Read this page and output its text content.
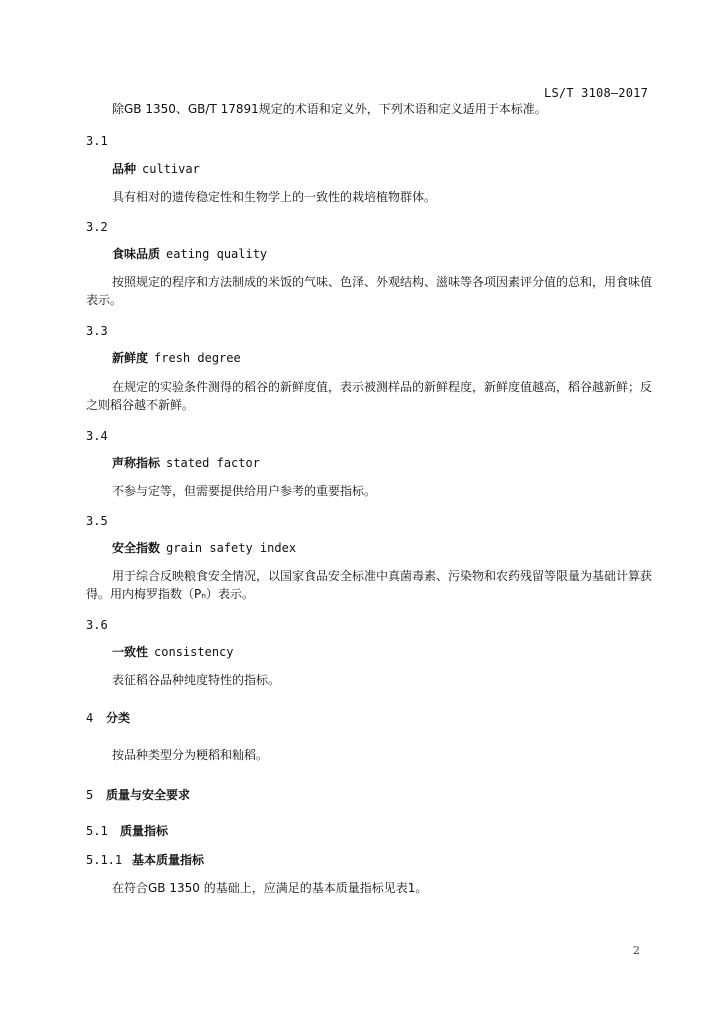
LS/T 3108—2017

除GB 1350、GB/T 17891规定的术语和定义外，下列术语和定义适用于本标准。

3.1
品种 cultivar

具有相对的遗传稳定性和生物学上的一致性的栽培植物群体。

3.2
食味品质 eating quality

按照规定的程序和方法制成的米饭的气味、色泽、外观结构、滋味等各项因素评分值的总和，用食味值表示。

3.3
新鲜度 fresh degree

在规定的实验条件测得的稻谷的新鲜度值，表示被测样品的新鲜程度，新鲜度值越高，稻谷越新鲜；反之则稻谷越不新鲜。

3.4
声称指标 stated factor

不参与定等，但需要提供给用户参考的重要指标。

3.5
安全指数 grain safety index

用于综合反映粮食安全情况，以国家食品安全标准中真菌毒素、污染物和农药残留等限量为基础计算获得。用内梅罗指数（Pₙ）表示。

3.6
一致性 consistency

表征稻谷品种纯度特性的指标。

4 分类

按品种类型分为粳稻和籼稻。

5 质量与安全要求
5.1 质量指标
5.1.1 基本质量指标

在符合GB 1350 的基础上，应满足的基本质量指标见表1。

2
